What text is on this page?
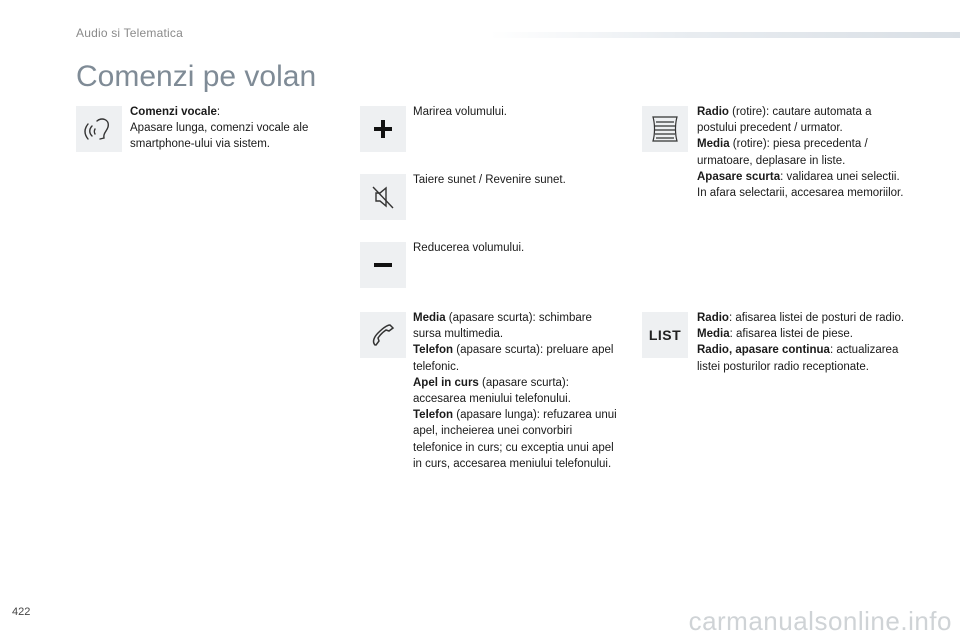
Audio si Telematica
Comenzi pe volan
Comenzi vocale:
Apasare lunga, comenzi vocale ale smartphone-ului via sistem.
Marirea volumului.
Taiere sunet / Revenire sunet.
Reducerea volumului.
Media (apasare scurta): schimbare sursa multimedia.
Telefon (apasare scurta): preluare apel telefonic.
Apel in curs (apasare scurta): accesarea meniului telefonului.
Telefon (apasare lunga): refuzarea unui apel, incheierea unei convorbiri telefonice in curs; cu exceptia unui apel in curs, accesarea meniului telefonului.
Radio (rotire): cautare automata a postului precedent / urmator.
Media (rotire): piesa precedenta / urmatoare, deplasare in liste.
Apasare scurta: validarea unei selectii. In afara selectarii, accesarea memoriilor.
LIST
Radio: afisarea listei de posturi de radio.
Media: afisarea listei de piese.
Radio, apasare continua: actualizarea listei posturilor radio receptionate.
422	carmanualsonline.info
